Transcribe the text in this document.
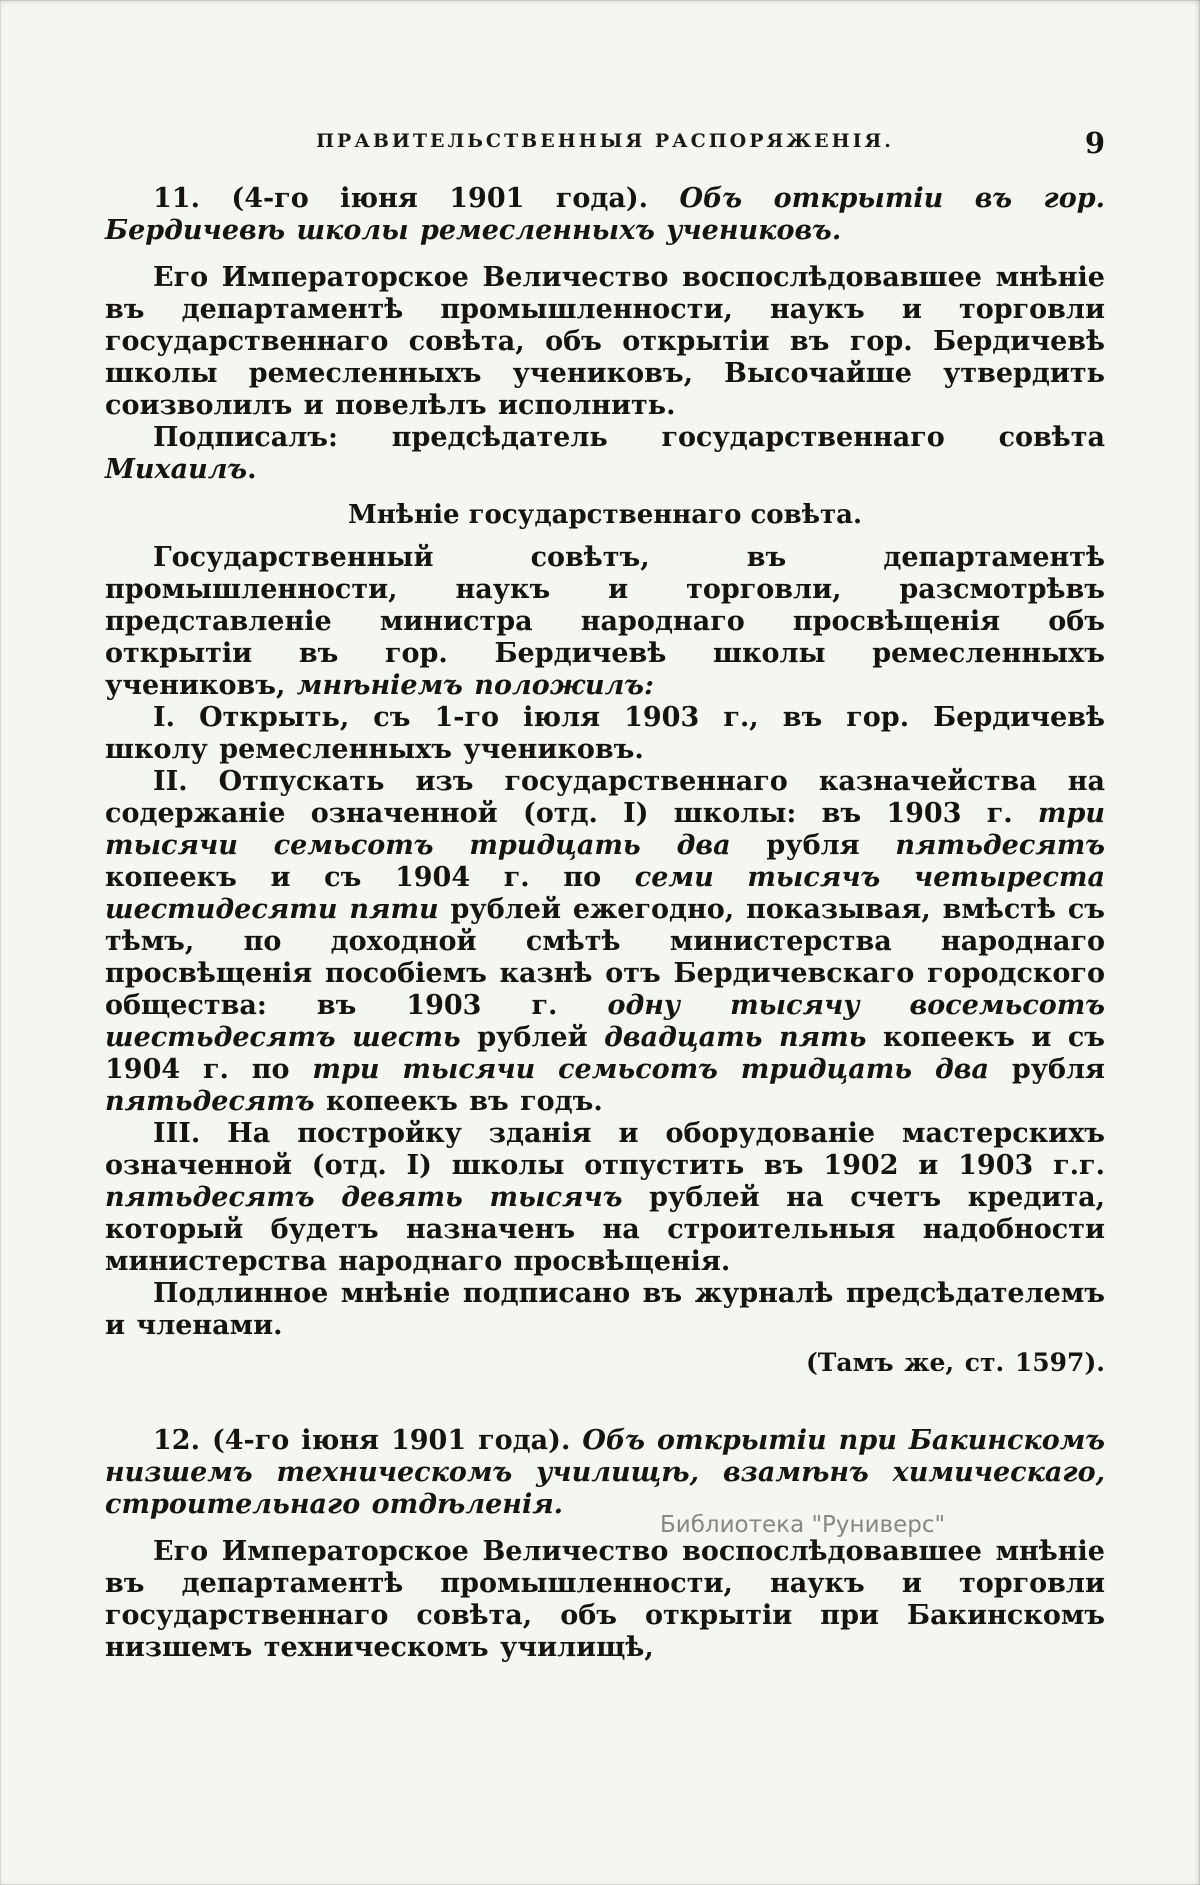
ПРАВИТЕЛЬСТВЕННЫЯ РАСПОРЯЖЕНІЯ.	9

11. (4-го іюня 1901 года). Объ открытіи въ гор. Бердичевѣ школы ремесленныхъ учениковъ.

Его Императорское Величество воспослѣдовавшее мнѣніе въ департаментѣ промышленности, наукъ и торговли государственнаго совѣта, объ открытіи въ гор. Бердичевѣ школы ремесленныхъ учениковъ, Высочайше утвердить соизволилъ и повелѣлъ исполнить.

Подписалъ: предсѣдатель государственнаго совѣта Михаилъ.

Мнѣніе государственнаго совѣта.

Государственный совѣтъ, въ департаментѣ промышленности, наукъ и торговли, разсмотрѣвъ представленіе министра народнаго просвѣщенія объ открытіи въ гор. Бердичевѣ школы ремесленныхъ учениковъ, мнѣніемъ положилъ:

I. Открыть, съ 1-го іюля 1903 г., въ гор. Бердичевѣ школу ремесленныхъ учениковъ.

II. Отпускать изъ государственнаго казначейства на содержаніе означенной (отд. I) школы: въ 1903 г. три тысячи семьсотъ тридцать два рубля пятьдесятъ копеекъ и съ 1904 г. по семи тысячъ четыреста шестидесяти пяти рублей ежегодно, показывая, вмѣстѣ съ тѣмъ, по доходной смѣтѣ министерства народнаго просвѣщенія пособіемъ казнѣ отъ Бердичевскаго городского общества: въ 1903 г. одну тысячу восемьсотъ шестьдесятъ шесть рублей двадцать пять копеекъ и съ 1904 г. по три тысячи семьсотъ тридцать два рубля пятьдесятъ копеекъ въ годъ.

III. На постройку зданія и оборудованіе мастерскихъ означенной (отд. I) школы отпустить въ 1902 и 1903 г.г. пятьдесятъ девять тысячъ рублей на счетъ кредита, который будетъ назначенъ на строительныя надобности министерства народнаго просвѣщенія.

Подлинное мнѣніе подписано въ журналѣ предсѣдателемъ и членами.

(Тамъ же, ст. 1597).

12. (4-го іюня 1901 года). Объ открытіи при Бакинскомъ низшемъ техническомъ училищѣ, взамѣнъ химическаго, строительнаго отдѣленія.

Его Императорское Величество воспослѣдовавшее мнѣніе въ департаментѣ промышленности, наукъ и торговли государственнаго совѣта, объ открытіи при Бакинскомъ низшемъ техническомъ училищѣ,

Библиотека "Руниверс"
